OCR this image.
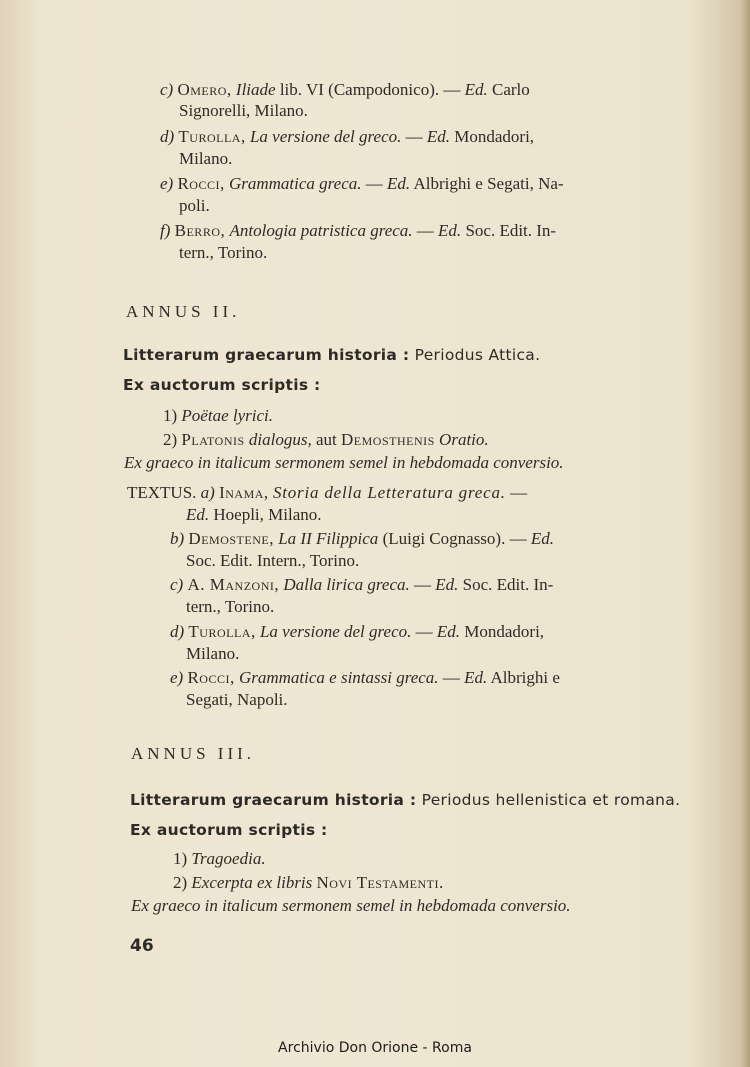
c) Omero, Iliade lib. VI (Campodonico). — Ed. Carlo
Signorelli, Milano.
d) Turolla, La versione del greco. — Ed. Mondadori,
Milano.
e) Rocci, Grammatica greca. — Ed. Albrighi e Segati, Na-
poli.
f) Berro, Antologia patristica greca. — Ed. Soc. Edit. In-
tern., Torino.
ANNUS II.
Litterarum graecarum historia : Periodus Attica.
Ex auctorum scriptis :
1) Poëtae lyrici.
2) Platonis dialogus, aut Demosthenis Oratio.
Ex graeco in italicum sermonem semel in hebdomada conversio.
TEXTUS. a) Inama, Storia della Letteratura greca. —
Ed. Hoepli, Milano.
b) Demostene, La II Filippica (Luigi Cognasso). — Ed.
Soc. Edit. Intern., Torino.
c) A. Manzoni, Dalla lirica greca. — Ed. Soc. Edit. In-
tern., Torino.
d) Turolla, La versione del greco. — Ed. Mondadori,
Milano.
e) Rocci, Grammatica e sintassi greca. — Ed. Albrighi e
Segati, Napoli.
ANNUS III.
Litterarum graecarum historia : Periodus hellenistica et romana.
Ex auctorum scriptis :
1) Tragoedia.
2) Excerpta ex libris Novi Testamenti.
Ex graeco in italicum sermonem semel in hebdomada conversio.
46
Archivio Don Orione - Roma
